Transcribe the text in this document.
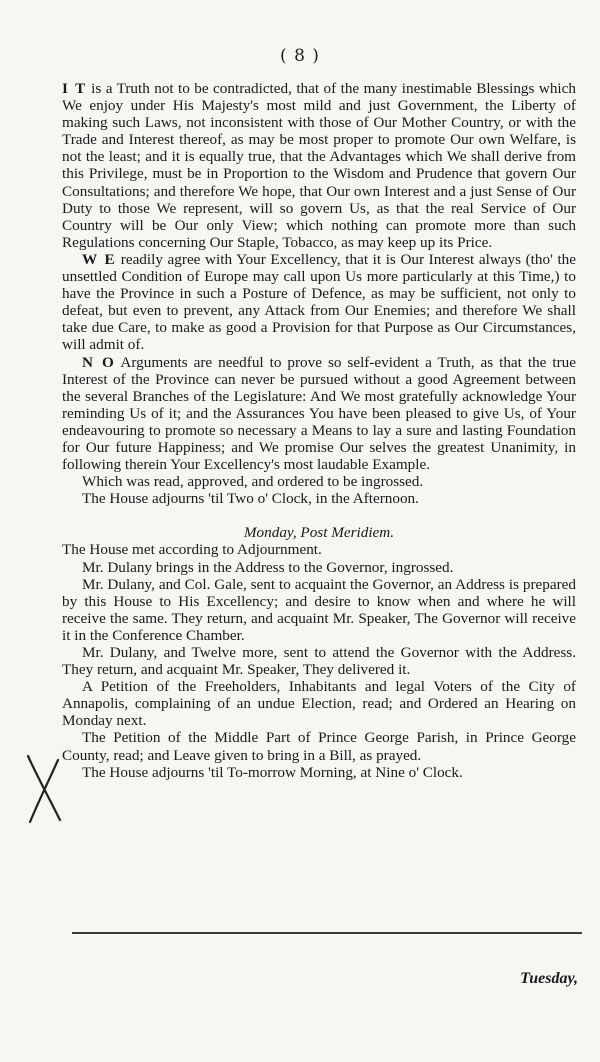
( 8 )

I T is a Truth not to be contradicted, that of the many inestimable Blessings which We enjoy under His Majesty's most mild and just Government, the Liberty of making such Laws, not inconsistent with those of Our Mother Country, or with the Trade and Interest thereof, as may be most proper to promote Our own Welfare, is not the least; and it is equally true, that the Advantages which We shall derive from this Privilege, must be in Proportion to the Wisdom and Prudence that govern Our Consultations; and therefore We hope, that Our own Interest and a just Sense of Our Duty to those We represent, will so govern Us, as that the real Service of Our Country will be Our only View; which nothing can promote more than such Regulations concerning Our Staple, Tobacco, as may keep up its Price.

W E readily agree with Your Excellency, that it is Our Interest always (tho' the unsettled Condition of Europe may call upon Us more particularly at this Time,) to have the Province in such a Posture of Defence, as may be sufficient, not only to defeat, but even to prevent, any Attack from Our Enemies; and therefore We shall take due Care, to make as good a Provision for that Purpose as Our Circumstances, will admit of.

N O Arguments are needful to prove so self-evident a Truth, as that the true Interest of the Province can never be pursued without a good Agreement between the several Branches of the Legislature: And We most gratefully acknowledge Your reminding Us of it; and the Assurances You have been pleased to give Us, of Your endeavouring to promote so necessary a Means to lay a sure and lasting Foundation for Our future Happiness; and We promise Our selves the greatest Unanimity, in following therein Your Excellency's most laudable Example.

Which was read, approved, and ordered to be ingrossed.

The House adjourns 'til Two o' Clock, in the Afternoon.

Monday, Post Meridiem.

The House met according to Adjournment.

Mr. Dulany brings in the Address to the Governor, ingrossed.

Mr. Dulany, and Col. Gale, sent to acquaint the Governor, an Address is prepared by this House to His Excellency; and desire to know when and where he will receive the same. They return, and acquaint Mr. Speaker, The Governor will receive it in the Conference Chamber.

Mr. Dulany, and Twelve more, sent to attend the Governor with the Address. They return, and acquaint Mr. Speaker, They delivered it.

A Petition of the Freeholders, Inhabitants and legal Voters of the City of Annapolis, complaining of an undue Election, read; and Ordered an Hearing on Monday next.

The Petition of the Middle Part of Prince George Parish, in Prince George County, read; and Leave given to bring in a Bill, as prayed.

The House adjourns 'til To-morrow Morning, at Nine o' Clock.

Tuesday,
